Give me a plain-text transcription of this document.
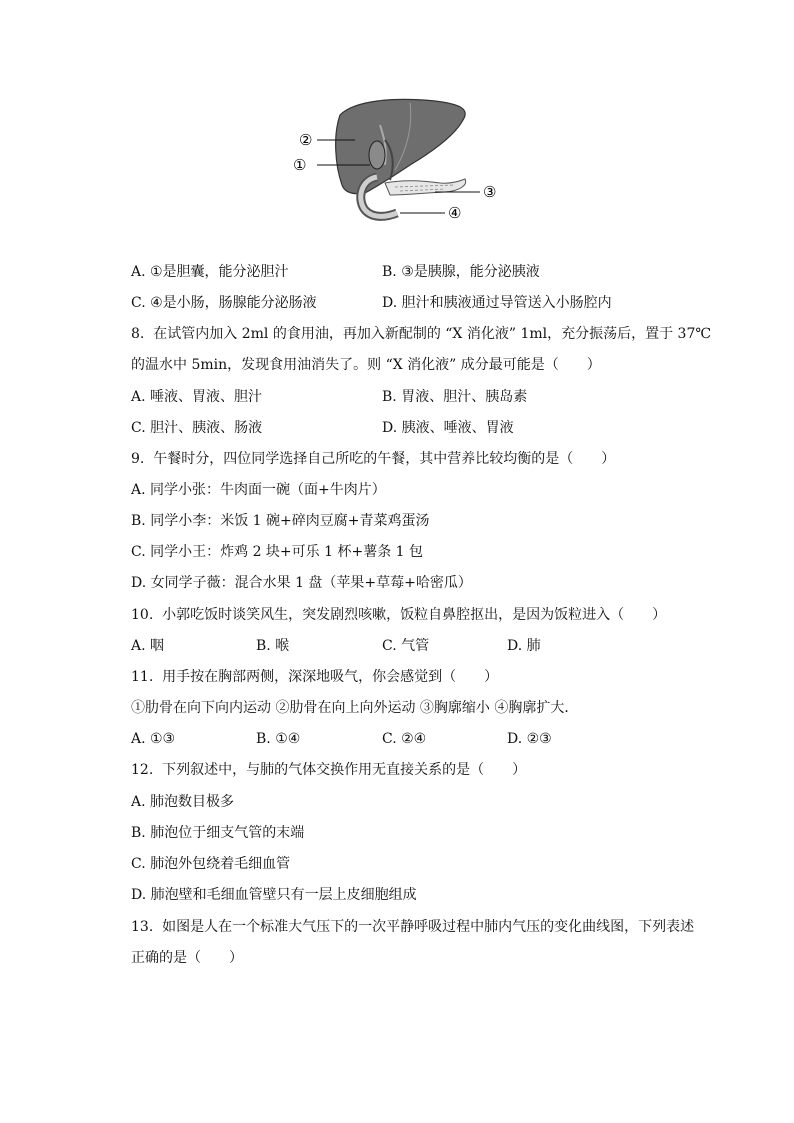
②
①
③
④
A. ①是胆囊，能分泌胆汁	B. ③是胰腺，能分泌胰液
C. ④是小肠，肠腺能分泌肠液	D. 胆汁和胰液通过导管送入小肠腔内
8.  在试管内加入 2ml 的食用油，再加入新配制的 “X 消化液” 1ml，充分振荡后，置于 37℃
的温水中 5min，发现食用油消失了。则 “X 消化液” 成分最可能是（　　）
A. 唾液、胃液、胆汁	B. 胃液、胆汁、胰岛素
C. 胆汁、胰液、肠液	D. 胰液、唾液、胃液
9.  午餐时分，四位同学选择自己所吃的午餐，其中营养比较均衡的是（　　）
A. 同学小张：牛肉面一碗（面+牛肉片）
B. 同学小李：米饭 1 碗+碎肉豆腐+青菜鸡蛋汤
C. 同学小王：炸鸡 2 块+可乐 1 杯+薯条 1 包
D. 女同学子薇：混合水果 1 盘（苹果+草莓+哈密瓜）
10.  小郭吃饭时谈笑风生，突发剧烈咳嗽，饭粒自鼻腔抠出，是因为饭粒进入（　　）
A. 咽	B. 喉	C. 气管	D. 肺
11.  用手按在胸部两侧，深深地吸气，你会感觉到（　　）
①肋骨在向下向内运动 ②肋骨在向上向外运动 ③胸廓缩小 ④胸廓扩大．
A. ①③	B. ①④	C. ②④	D. ②③
12.  下列叙述中，与肺的气体交换作用无直接关系的是（　　）
A. 肺泡数目极多
B. 肺泡位于细支气管的末端
C. 肺泡外包绕着毛细血管
D. 肺泡壁和毛细血管壁只有一层上皮细胞组成
13.  如图是人在一个标准大气压下的一次平静呼吸过程中肺内气压的变化曲线图，下列表述
正确的是（　　）
